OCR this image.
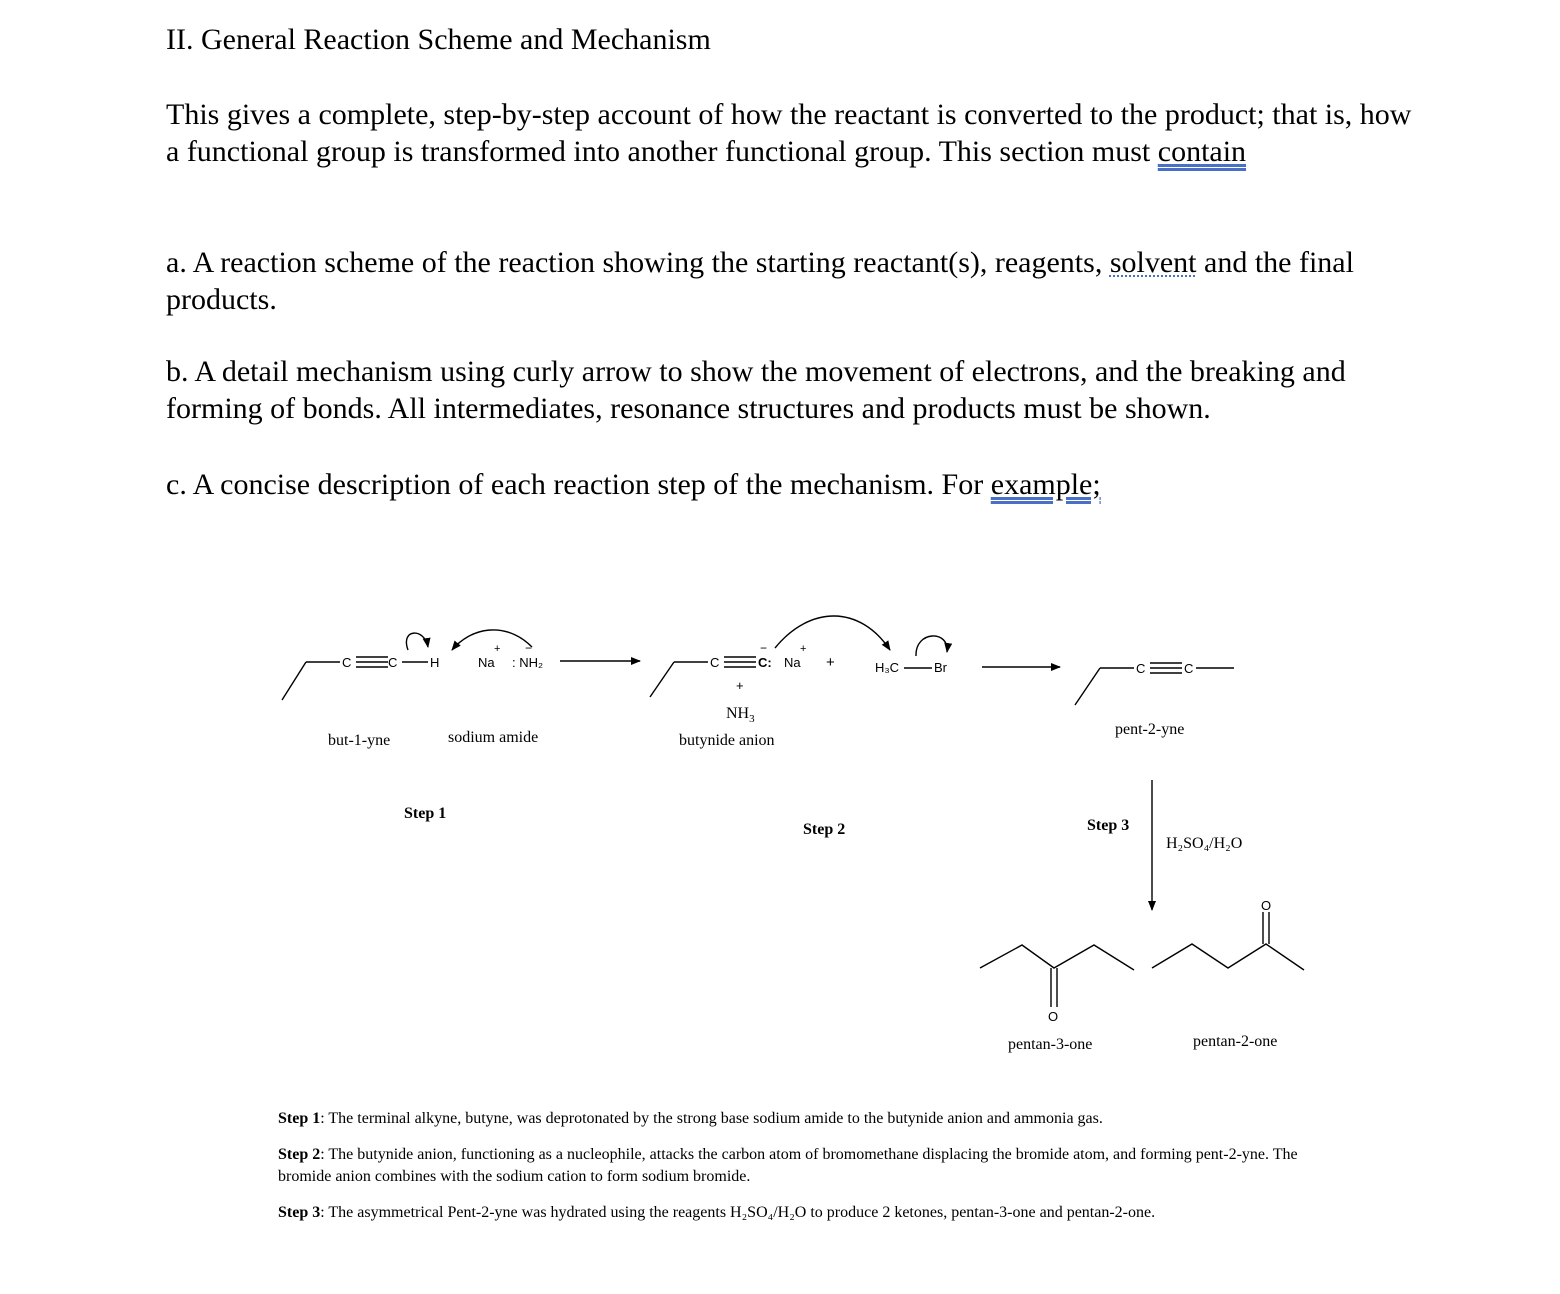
II. General Reaction Scheme and Mechanism

This gives a complete, step-by-step account of how the reactant is converted to the product; that is, how a functional group is transformed into another functional group. This section must contain

a. A reaction scheme of the reaction showing the starting reactant(s), reagents, solvent and the final products.

b. A detail mechanism using curly arrow to show the movement of electrons, and the breaking and forming of bonds. All intermediates, resonance structures and products must be shown.

c. A concise description of each reaction step of the mechanism. For example;

C	C	H	Na
+
: NH₂
−
C	C:
−
Na
+
+
+
H₃C	Br	C	C
O
O
but-1-yne	sodium amide
$NH_3$
butynide anion
pent-2-yne
H₂SO₄/H₂O
pentan-3-one	pentan-2-one
Step 1
Step 2	Step 3

Step 1: The terminal alkyne, butyne, was deprotonated by the strong base sodium amide to the butynide anion and ammonia gas.

Step 2: The butynide anion, functioning as a nucleophile, attacks the carbon atom of bromomethane displacing the bromide atom, and forming pent-2-yne. The bromide anion combines with the sodium cation to form sodium bromide.

Step 3: The asymmetrical Pent-2-yne was hydrated using the reagents H₂SO₄/H₂O to produce 2 ketones, pentan-3-one and pentan-2-one.
